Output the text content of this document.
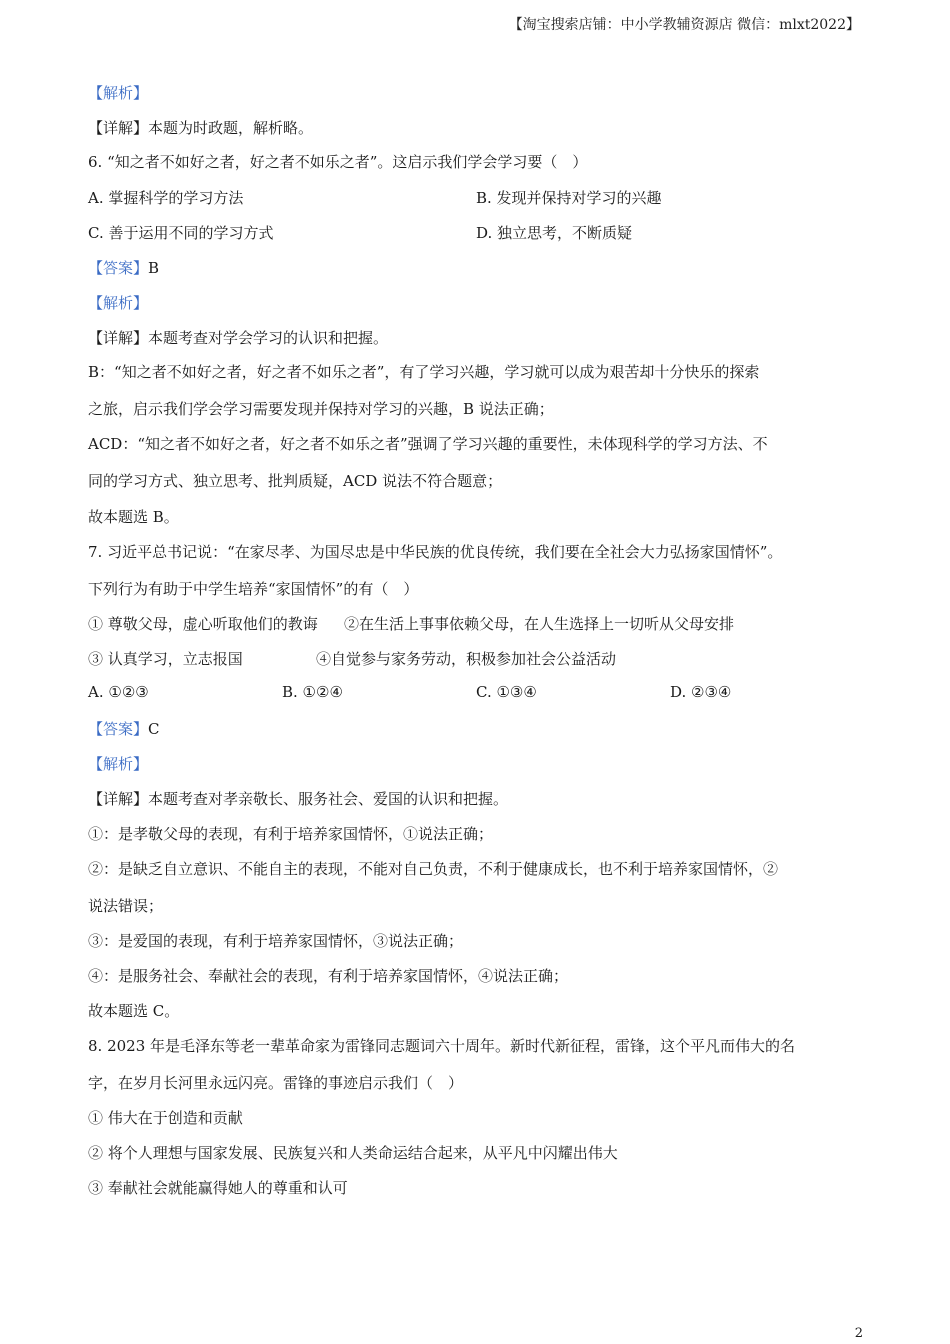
【淘宝搜索店铺：中小学教辅资源店 微信：mlxt2022】
【解析】
【详解】本题为时政题，解析略。
6. “知之者不如好之者，好之者不如乐之者”。这启示我们学会学习要（　）
A. 掌握科学的学习方法	B. 发现并保持对学习的兴趣
C. 善于运用不同的学习方式	D. 独立思考，不断质疑
【答案】B
【解析】
【详解】本题考查对学会学习的认识和把握。
B：“知之者不如好之者，好之者不如乐之者”，有了学习兴趣，学习就可以成为艰苦却十分快乐的探索
之旅，启示我们学会学习需要发现并保持对学习的兴趣，B 说法正确；
ACD：“知之者不如好之者，好之者不如乐之者”强调了学习兴趣的重要性，未体现科学的学习方法、不
同的学习方式、独立思考、批判质疑，ACD 说法不符合题意；
故本题选 B。
7. 习近平总书记说：“在家尽孝、为国尽忠是中华民族的优良传统，我们要在全社会大力弘扬家国情怀”。
下列行为有助于中学生培养“家国情怀”的有（　）
① 尊敬父母，虚心听取他们的教诲 ②在生活上事事依赖父母，在人生选择上一切听从父母安排
③ 认真学习，立志报国	④自觉参与家务劳动，积极参加社会公益活动
A. ①②③	B. ①②④	C. ①③④	D. ②③④
【答案】C
【解析】
【详解】本题考查对孝亲敬长、服务社会、爱国的认识和把握。
①：是孝敬父母的表现，有利于培养家国情怀，①说法正确；
②：是缺乏自立意识、不能自主的表现，不能对自己负责，不利于健康成长，也不利于培养家国情怀，②
说法错误；
③：是爱国的表现，有利于培养家国情怀，③说法正确；
④：是服务社会、奉献社会的表现，有利于培养家国情怀，④说法正确；
故本题选 C。
8. 2023 年是毛泽东等老一辈革命家为雷锋同志题词六十周年。新时代新征程，雷锋，这个平凡而伟大的名
字，在岁月长河里永远闪亮。雷锋的事迹启示我们（　）
① 伟大在于创造和贡献
② 将个人理想与国家发展、民族复兴和人类命运结合起来，从平凡中闪耀出伟大
③ 奉献社会就能赢得她人的尊重和认可
2
